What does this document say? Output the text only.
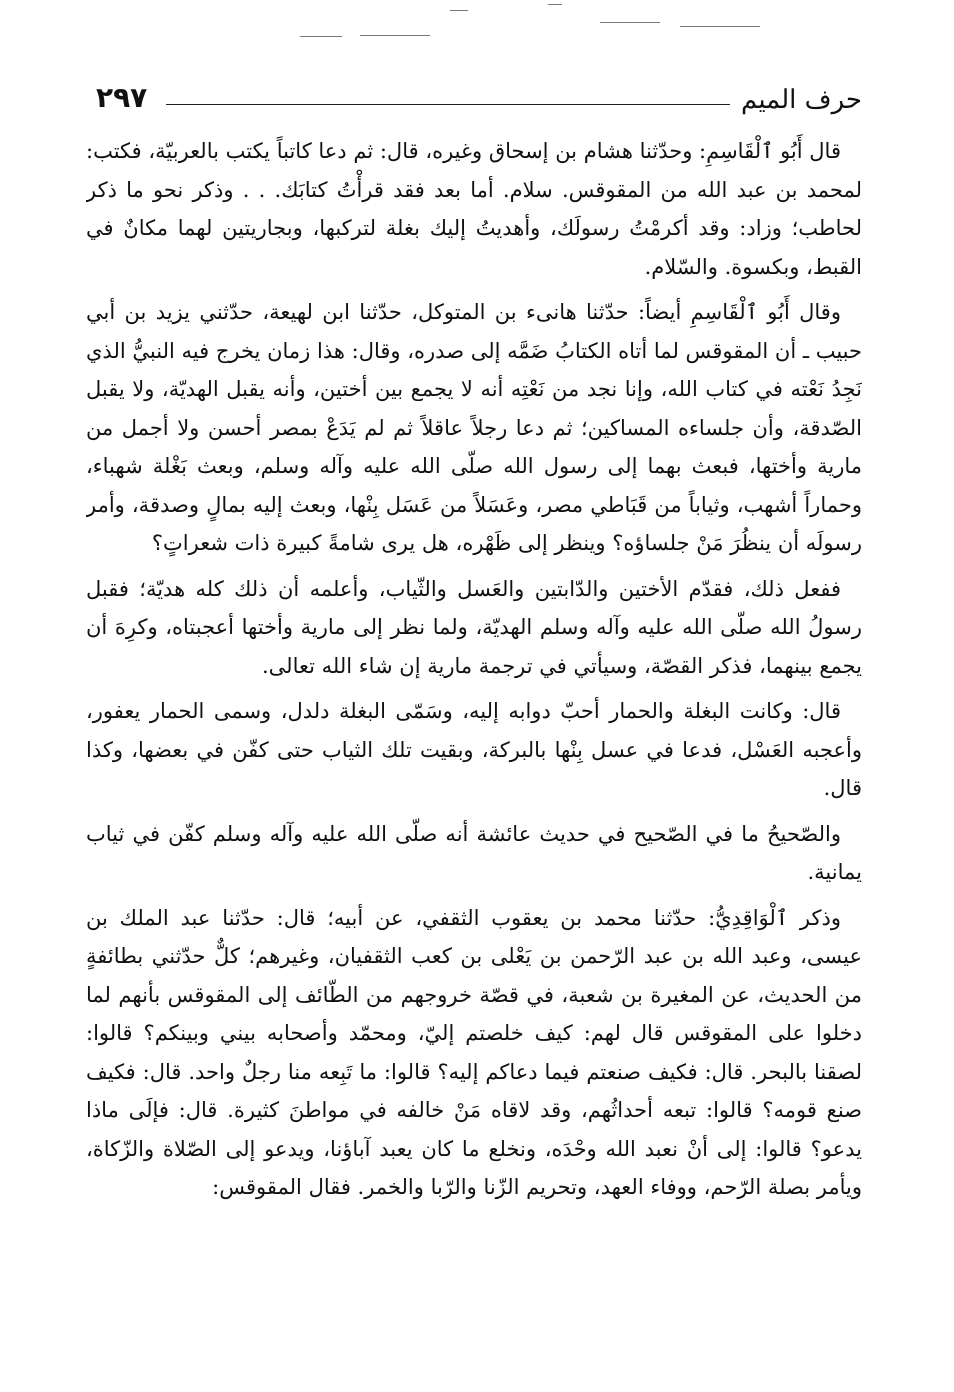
حرف الميم
٢٩٧

قال أَبُو ٱلْقَاسِمِ: وحدّثنا هشام بن إسحاق وغيره، قال: ثم دعا كاتباً يكتب بالعربيّة، فكتب: لمحمد بن عبد الله من المقوقس. سلام. أما بعد فقد قرأْتُ كتابَك. . . وذكر نحو ما ذكر لحاطب؛ وزاد: وقد أكرمْتُ رسولَك، وأهديتُ إليك بغلة لتركبها، وبجاريتين لهما مكانٌ في القبط، وبكسوة. والسّلام.

وقال أَبُو ٱلْقَاسِمِ أيضاً: حدّثنا هانىء بن المتوكل، حدّثنا ابن لهيعة، حدّثني يزيد بن أبي حبيب ـ أن المقوقس لما أتاه الكتابُ ضَمَّه إلى صدره، وقال: هذا زمان يخرج فيه النبيُّ الذي نَجِدُ نَعْته في كتاب الله، وإنا نجد من نَعْتِه أنه لا يجمع بين أختين، وأنه يقبل الهديّة، ولا يقبل الصّدقة، وأن جلساءه المساكين؛ ثم دعا رجلاً عاقلاً ثم لم يَدَعْ بمصر أحسن ولا أجمل من مارية وأختها، فبعث بهما إلى رسول الله صلّى الله عليه وآله وسلم، وبعث بَغْلة شهباء، وحماراً أشهب، وثياباً من قَبَاطي مصر، وعَسَلاً من عَسَل بِنْها، وبعث إليه بمالٍ وصدقة، وأمر رسولَه أن ينظُرَ مَنْ جلساؤه؟ وينظر إلى ظَهْره، هل يرى شامةً كبيرة ذات شعراتٍ؟

ففعل ذلك، فقدّم الأختين والدّابتين والعَسل والثّياب، وأعلمه أن ذلك كله هديّة؛ فقبل رسولُ الله صلّى الله عليه وآله وسلم الهديّة، ولما نظر إلى مارية وأختها أعجبتاه، وكرِهَ أن يجمع بينهما، فذكر القصّة، وسيأتي في ترجمة مارية إن شاء الله تعالى.

قال: وكانت البغلة والحمار أحبّ دوابه إليه، وسَمّى البغلة دلدل، وسمى الحمار يعفور، وأعجبه العَسْل، فدعا في عسل بِنْها بالبركة، وبقيت تلك الثياب حتى كفّن في بعضها، وكذا قال.

والصّحيحُ ما في الصّحيح في حديث عائشة أنه صلّى الله عليه وآله وسلم كفّن في ثياب يمانية.

وذكر ٱلْوَاقِدِيُّ: حدّثنا محمد بن يعقوب الثقفي، عن أبيه؛ قال: حدّثنا عبد الملك بن عيسى، وعبد الله بن عبد الرّحمن بن يَعْلى بن كعب الثقفيان، وغيرهم؛ كلٌّ حدّثني بطائفةٍ من الحديث، عن المغيرة بن شعبة، في قصّة خروجهم من الطّائف إلى المقوقس بأنهم لما دخلوا على المقوقس قال لهم: كيف خلصتم إليّ، ومحمّد وأصحابه بيني وبينكم؟ قالوا: لصقنا بالبحر. قال: فكيف صنعتم فيما دعاكم إليه؟ قالوا: ما تَبِعه منا رجلٌ واحد. قال: فكيف صنع قومه؟ قالوا: تبعه أحداثُهم، وقد لاقاه مَنْ خالفه في مواطنَ كثيرة. قال: فإلَى ماذا يدعو؟ قالوا: إلى أنْ نعبد الله وحْدَه، ونخلع ما كان يعبد آباؤنا، ويدعو إلى الصّلاة والزّكاة، ويأمر بصلة الرّحم، ووفاء العهد، وتحريم الزّنا والرّبا والخمر. فقال المقوقس:
